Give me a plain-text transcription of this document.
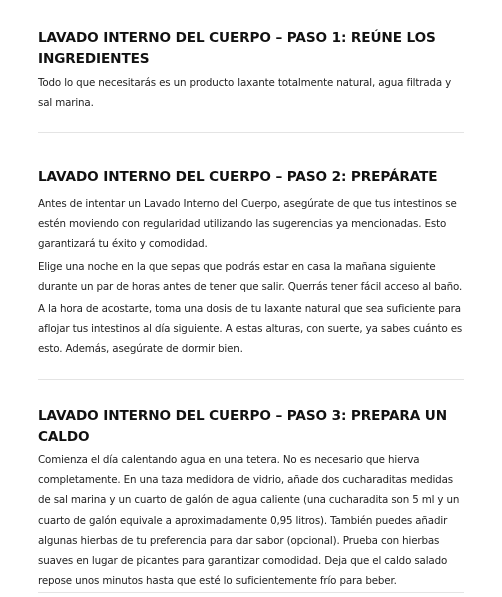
LAVADO INTERNO DEL CUERPO – PASO 1: REÚNE LOS INGREDIENTES

Todo lo que necesitarás es un producto laxante totalmente natural, agua filtrada y sal marina.

LAVADO INTERNO DEL CUERPO – PASO 2: PREPÁRATE

Antes de intentar un Lavado Interno del Cuerpo, asegúrate de que tus intestinos se estén moviendo con regularidad utilizando las sugerencias ya mencionadas. Esto garantizará tu éxito y comodidad.

Elige una noche en la que sepas que podrás estar en casa la mañana siguiente durante un par de horas antes de tener que salir. Querrás tener fácil acceso al baño.

A la hora de acostarte, toma una dosis de tu laxante natural que sea suficiente para aflojar tus intestinos al día siguiente. A estas alturas, con suerte, ya sabes cuánto es esto. Además, asegúrate de dormir bien.

LAVADO INTERNO DEL CUERPO – PASO 3: PREPARA UN CALDO

Comienza el día calentando agua en una tetera. No es necesario que hierva completamente. En una taza medidora de vidrio, añade dos cucharaditas medidas de sal marina y un cuarto de galón de agua caliente (una cucharadita son 5 ml y un cuarto de galón equivale a aproximadamente 0,95 litros). También puedes añadir algunas hierbas de tu preferencia para dar sabor (opcional). Prueba con hierbas suaves en lugar de picantes para garantizar comodidad. Deja que el caldo salado repose unos minutos hasta que esté lo suficientemente frío para beber.
